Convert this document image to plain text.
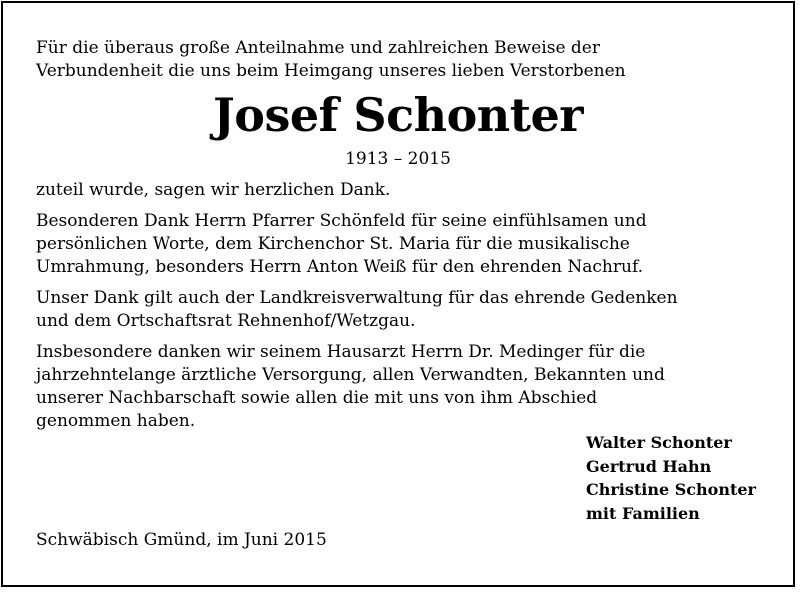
Für die überaus große Anteilnahme und zahlreichen Beweise der
Verbundenheit die uns beim Heimgang unseres lieben Verstorbenen

Josef Schonter
1913 – 2015

zuteil wurde, sagen wir herzlichen Dank.

Besonderen Dank Herrn Pfarrer Schönfeld für seine einfühlsamen und
persönlichen Worte, dem Kirchenchor St. Maria für die musikalische
Umrahmung, besonders Herrn Anton Weiß für den ehrenden Nachruf.

Unser Dank gilt auch der Landkreisverwaltung für das ehrende Gedenken
und dem Ortschaftsrat Rehnenhof/Wetzgau.

Insbesondere danken wir seinem Hausarzt Herrn Dr. Medinger für die
jahrzehntelange ärztliche Versorgung, allen Verwandten, Bekannten und
unserer Nachbarschaft sowie allen die mit uns von ihm Abschied
genommen haben.

Walter Schonter
Gertrud Hahn
Christine Schonter
mit Familien

Schwäbisch Gmünd, im Juni 2015
